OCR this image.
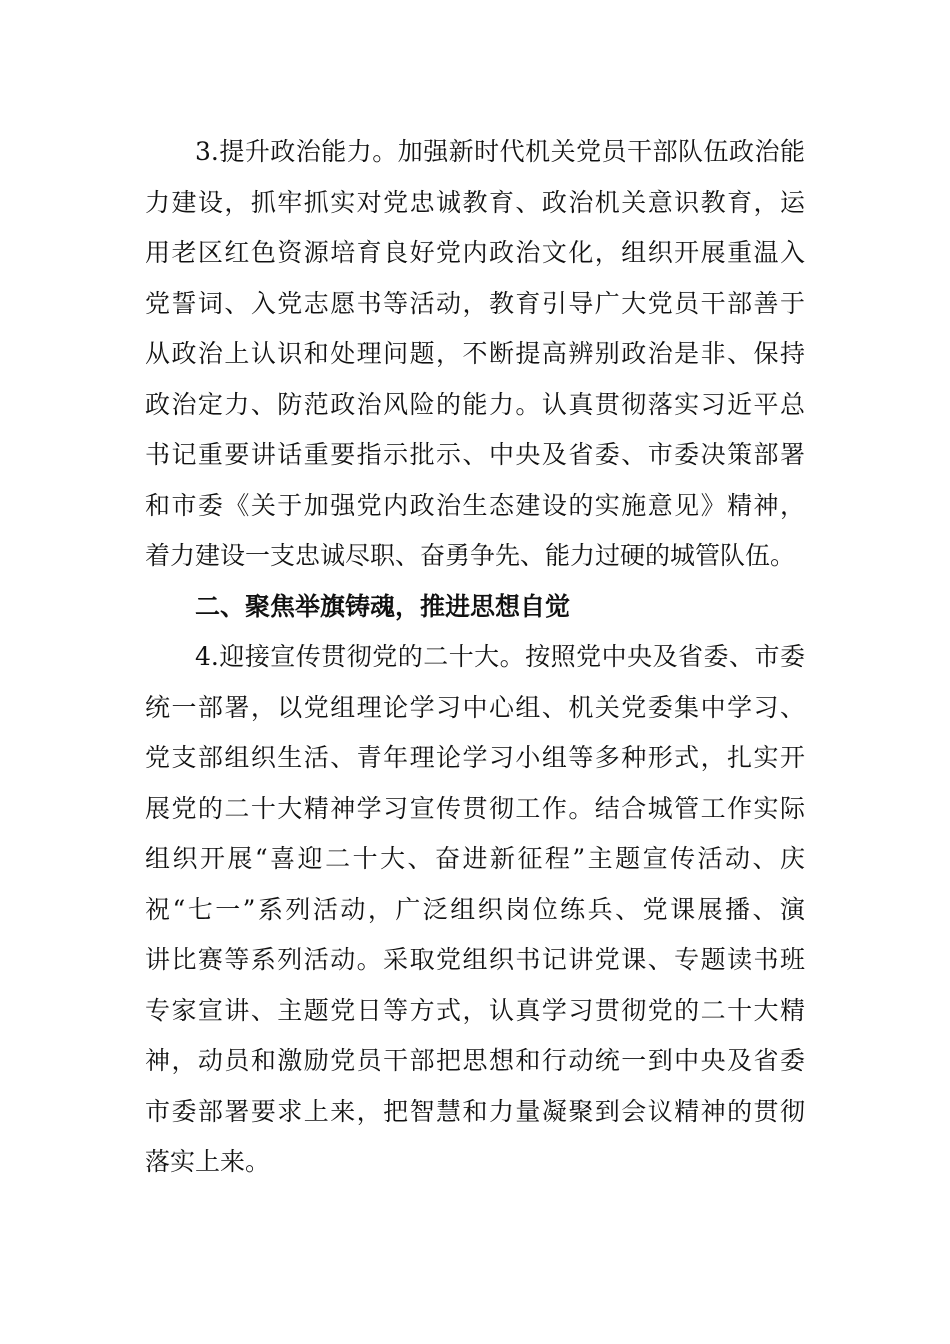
3.提升政治能力。加强新时代机关党员干部队伍政治能
力建设，抓牢抓实对党忠诚教育、政治机关意识教育，运
用老区红色资源培育良好党内政治文化，组织开展重温入
党誓词、入党志愿书等活动，教育引导广大党员干部善于
从政治上认识和处理问题，不断提高辨别政治是非、保持
政治定力、防范政治风险的能力。认真贯彻落实习近平总
书记重要讲话重要指示批示、中央及省委、市委决策部署
和市委《关于加强党内政治生态建设的实施意见》精神，
着力建设一支忠诚尽职、奋勇争先、能力过硬的城管队伍。
二、聚焦举旗铸魂，推进思想自觉
4.迎接宣传贯彻党的二十大。按照党中央及省委、市委
统一部署，以党组理论学习中心组、机关党委集中学习、
党支部组织生活、青年理论学习小组等多种形式，扎实开
展党的二十大精神学习宣传贯彻工作。结合城管工作实际
组织开展“喜迎二十大、奋进新征程”主题宣传活动、庆
祝“七一”系列活动，广泛组织岗位练兵、党课展播、演
讲比赛等系列活动。采取党组织书记讲党课、专题读书班
专家宣讲、主题党日等方式，认真学习贯彻党的二十大精
神，动员和激励党员干部把思想和行动统一到中央及省委
市委部署要求上来，把智慧和力量凝聚到会议精神的贯彻
落实上来。
